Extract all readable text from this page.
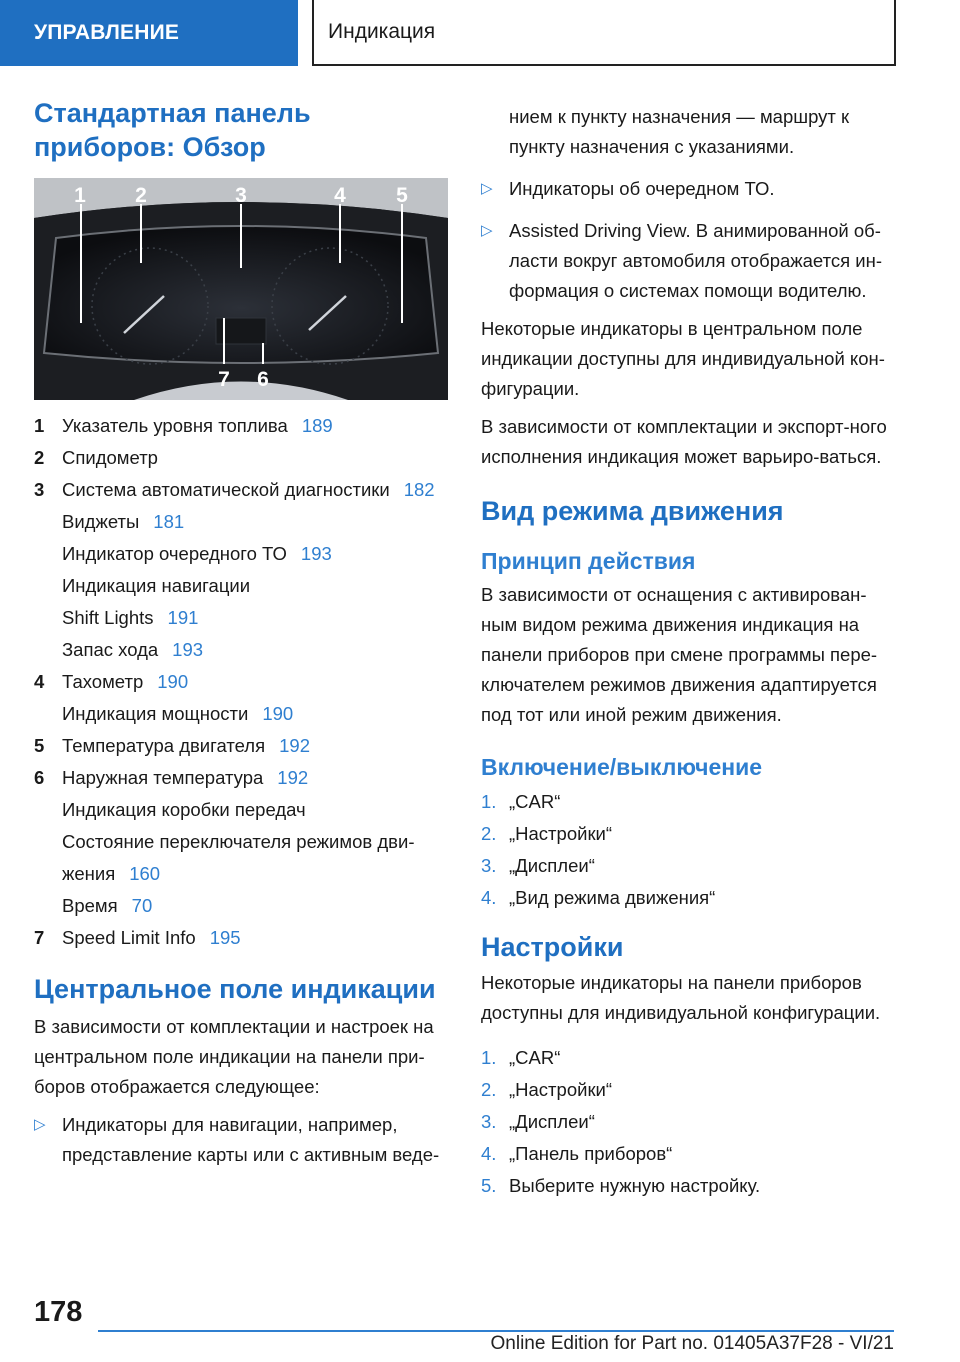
УПРАВЛЕНИЕ	Индикация
Стандартная панель приборов: Обзор
1 2	3	4 5
7 6
1 Указатель уровня топлива 189
2 Спидометр
3 Система автоматической диагностики 182
Виджеты 181
Индикатор очередного ТО 193
Индикация навигации
Shift Lights 191
Запас хода 193
4 Тахометр 190
Индикация мощности 190
5 Температура двигателя 192
6 Наружная температура 192
Индикация коробки передач
Состояние переключателя режимов дви-жения 160
Время 70
7 Speed Limit Info 195
Центральное поле индикации
В зависимости от комплектации и настроек на центральном поле индикации на панели при-боров отображается следующее:
▷ Индикаторы для навигации, например, представление карты или с активным веде-
нием к пункту назначения — маршрут к пункту назначения с указаниями.
▷ Индикаторы об очередном ТО.
▷ Assisted Driving View. В анимированной об-ласти вокруг автомобиля отображается ин-формация о системах помощи водителю.
Некоторые индикаторы в центральном поле индикации доступны для индивидуальной кон-фигурации.
В зависимости от комплектации и экспорт-ного исполнения индикация может варьиро-ваться.
Вид режима движения
Принцип действия
В зависимости от оснащения с активирован-ным видом режима движения индикация на панели приборов при смене программы пере-ключателем режимов движения адаптируется под тот или иной режим движения.
Включение/выключение
1. „CAR“
2. „Настройки“
3. „Дисплеи“
4. „Вид режима движения“
Настройки
Некоторые индикаторы на панели приборов доступны для индивидуальной конфигурации.
1. „CAR“
2. „Настройки“
3. „Дисплеи“
4. „Панель приборов“
5. Выберите нужную настройку.
178
Online Edition for Part no. 01405A37F28 - VI/21
